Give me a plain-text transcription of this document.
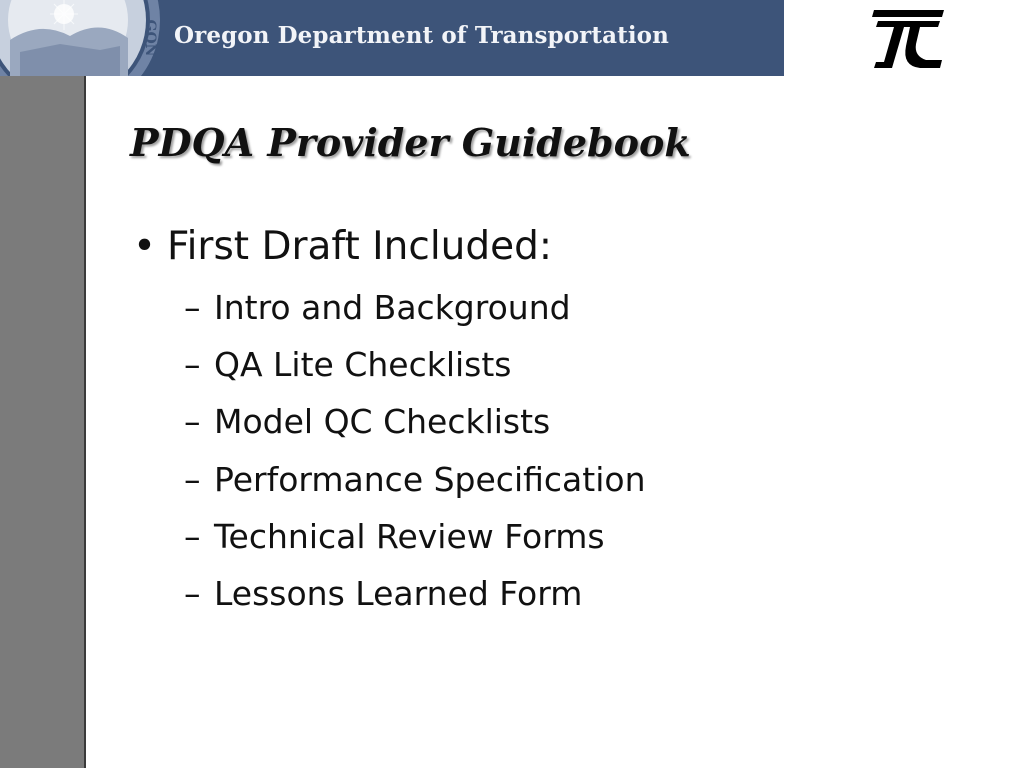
GON Oregon Department of Transportation
PDQA Provider Guidebook
• First Draft Included:
– Intro and Background
– QA Lite Checklists
– Model QC Checklists
– Performance Specification
– Technical Review Forms
– Lessons Learned Form
